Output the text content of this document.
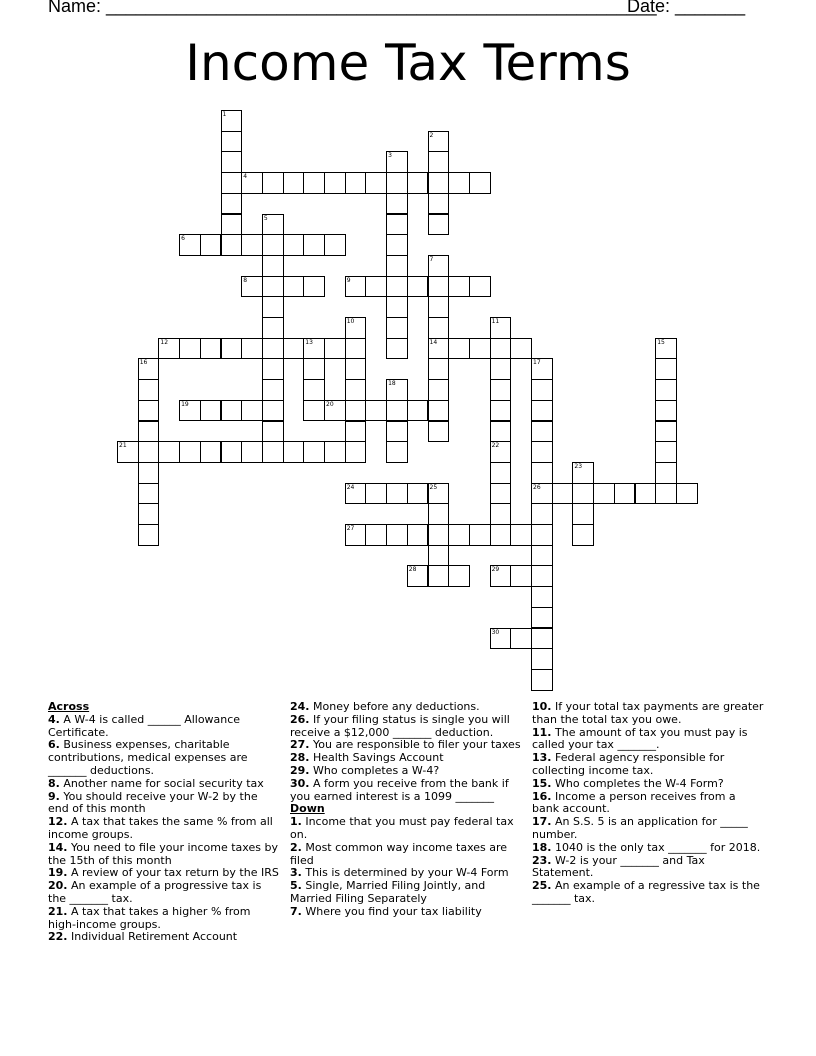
Name: _______________________________________________________
Date: _______
Income Tax Terms
4
6
8	9
12	13	14
19	20
21
24	25	26
27
28	29
30
1
2
3
5
7
10	11
22
15
16	17
18
23

Across

4. A W-4 is called ______ Allowance Certificate.

6. Business expenses, charitable contributions, medical expenses are _______ deductions.

8. Another name for social security tax

9. You should receive your W-2 by the end of this month

12. A tax that takes the same % from all income groups.

14. You need to file your income taxes by the 15th of this month

19. A review of your tax return by the IRS

20. An example of a progressive tax is the _______ tax.

21. A tax that takes a higher % from high-income groups.

22. Individual Retirement Account

24. Money before any deductions.

26. If your filing status is single you will receive a $12,000 _______ deduction.

27. You are responsible to filer your taxes

28. Health Savings Account

29. Who completes a W-4?

30. A form you receive from the bank if you earned interest is a 1099 _______

Down

1. Income that you must pay federal tax on.

2. Most common way income taxes are filed

3. This is determined by your W-4 Form

5. Single, Married Filing Jointly, and Married Filing Separately

7. Where you find your tax liability

10. If your total tax payments are greater than the total tax you owe.

11. The amount of tax you must pay is called your tax _______.

13. Federal agency responsible for collecting income tax.

15. Who completes the W-4 Form?

16. Income a person receives from a bank account.

17. An S.S. 5 is an application for _____ number.

18. 1040 is the only tax _______ for 2018.

23. W-2 is your _______ and Tax Statement.

25. An example of a regressive tax is the _______ tax.
